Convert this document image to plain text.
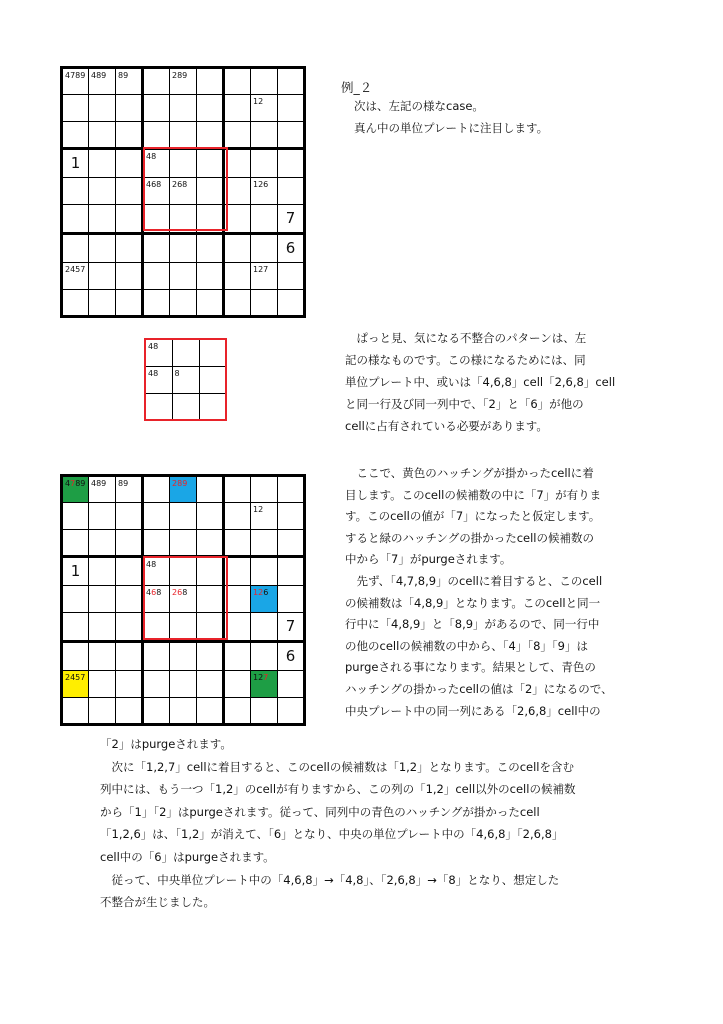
4789	489	89		289				

							12	

1			48					

			468	268			126	

								7

								6

2457							127	

例_２
次は、左記の様なcase。
真ん中の単位プレートに注目します。
48		

48	8	

　ぱっと見、気になる不整合のパターンは、左
記の様なものです。この様になるためには、同
単位プレート中、或いは「4,6,8」cell「2,6,8」cell
と同一行及び同一列中で、「2」と「6」が他の
cellに占有されている必要があります。
4789	489	89		289				

							12	

1			48					

			468	268			126	

								7

								6

2457							127	

　ここで、黄色のハッチングが掛かったcellに着
目します。このcellの候補数の中に「7」が有りま
す。このcellの値が「7」になったと仮定します。
すると緑のハッチングの掛かったcellの候補数の
中から「7」がpurgeされます。
　先ず、「4,7,8,9」のcellに着目すると、このcell
の候補数は「4,8,9」となります。このcellと同一
行中に「4,8,9」と「8,9」があるので、同一行中
の他のcellの候補数の中から、「4」「8」「9」は
purgeされる事になります。結果として、青色の
ハッチングの掛かったcellの値は「2」になるので、
中央プレート中の同一列にある「2,6,8」cell中の
「2」はpurgeされます。
　次に「1,2,7」cellに着目すると、このcellの候補数は「1,2」となります。このcellを含む
列中には、もう一つ「1,2」のcellが有りますから、この列の「1,2」cell以外のcellの候補数
から「1」「2」はpurgeされます。従って、同列中の青色のハッチングが掛かったcell
「1,2,6」は、「1,2」が消えて、「6」となり、中央の単位プレート中の「4,6,8」「2,6,8」
cell中の「6」はpurgeされます。
　従って、中央単位プレート中の「4,6,8」→「4,8」、「2,6,8」→「8」となり、想定した
不整合が生じました。
